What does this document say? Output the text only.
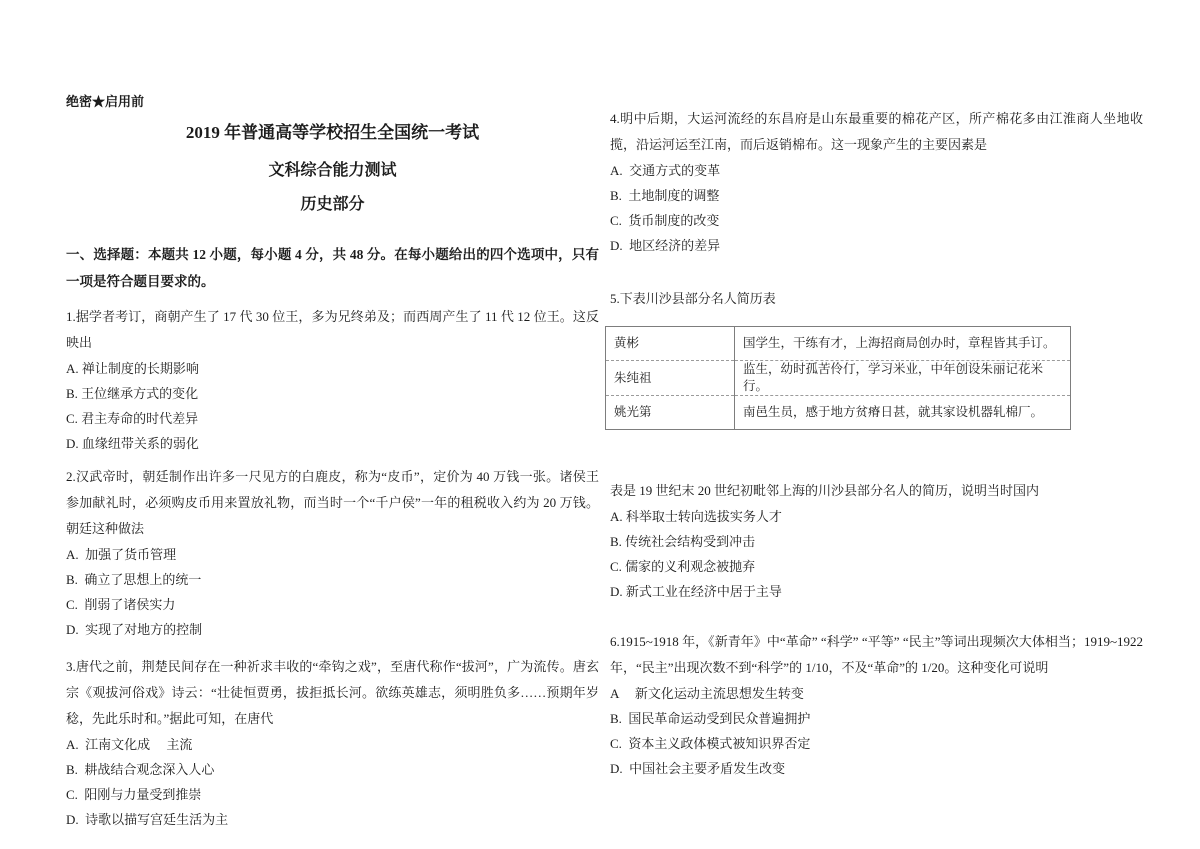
绝密★启用前
2019 年普通高等学校招生全国统一考试
文科综合能力测试
历史部分

一、选择题：本题共 12 小题，每小题 4 分，共 48 分。在每小题给出的四个选项中，只有一项是符合题目要求的。

1.据学者考订，商朝产生了 17 代 30 位王，多为兄终弟及；而西周产生了 11 代 12 位王。这反映出

A. 禅让制度的长期影响
B. 王位继承方式的变化
C. 君主寿命的时代差异
D. 血缘纽带关系的弱化

2.汉武帝时，朝廷制作出许多一尺见方的白鹿皮，称为“皮币”，定价为 40 万钱一张。诸侯王参加献礼时，必须购皮币用来置放礼物，而当时一个“千户侯”一年的租税收入约为 20 万钱。朝廷这种做法

A.  加强了货币管理
B.  确立了思想上的统一
C.  削弱了诸侯实力
D.  实现了对地方的控制

3.唐代之前，荆楚民间存在一种祈求丰收的“牵钩之戏”，至唐代称作“拔河”，广为流传。唐玄宗《观拔河俗戏》诗云：“壮徒恒贾勇，拔拒抵长河。欲练英雄志，须明胜负多……预期年岁稔，先此乐时和。”据此可知，在唐代

A.  江南文化成　 主流
B.  耕战结合观念深入人心
C.  阳刚与力量受到推崇
D.  诗歌以描写宫廷生活为主

4.明中后期，大运河流经的东昌府是山东最重要的棉花产区，所产棉花多由江淮商人坐地收揽，沿运河运至江南，而后返销棉布。这一现象产生的主要因素是

A.  交通方式的变革
B.  土地制度的调整
C.  货币制度的改变
D.  地区经济的差异

5.下表川沙县部分名人简历表

黄彬	国学生，干练有才，上海招商局创办时，章程皆其手订。
朱纯祖	监生，幼时孤苦伶仃，学习米业，中年创设朱丽记花米行。
姚光第	南邑生员，感于地方贫瘠日甚，就其家设机器轧棉厂。

表是 19 世纪末 20 世纪初毗邻上海的川沙县部分名人的简历，说明当时国内

A. 科举取士转向选拔实务人才
B. 传统社会结构受到冲击
C. 儒家的义利观念被抛弃
D. 新式工业在经济中居于主导

6.1915~1918 年，《新青年》中“革命” “科学” “平等” “民主”等词出现频次大体相当；1919~1922 年，“民主”出现次数不到“科学”的 1/10，不及“革命”的 1/20。这种变化可说明

A　 新文化运动主流思想发生转变
B.  国民革命运动受到民众普遍拥护
C.  资本主义政体模式被知识界否定
D.  中国社会主要矛盾发生改变
